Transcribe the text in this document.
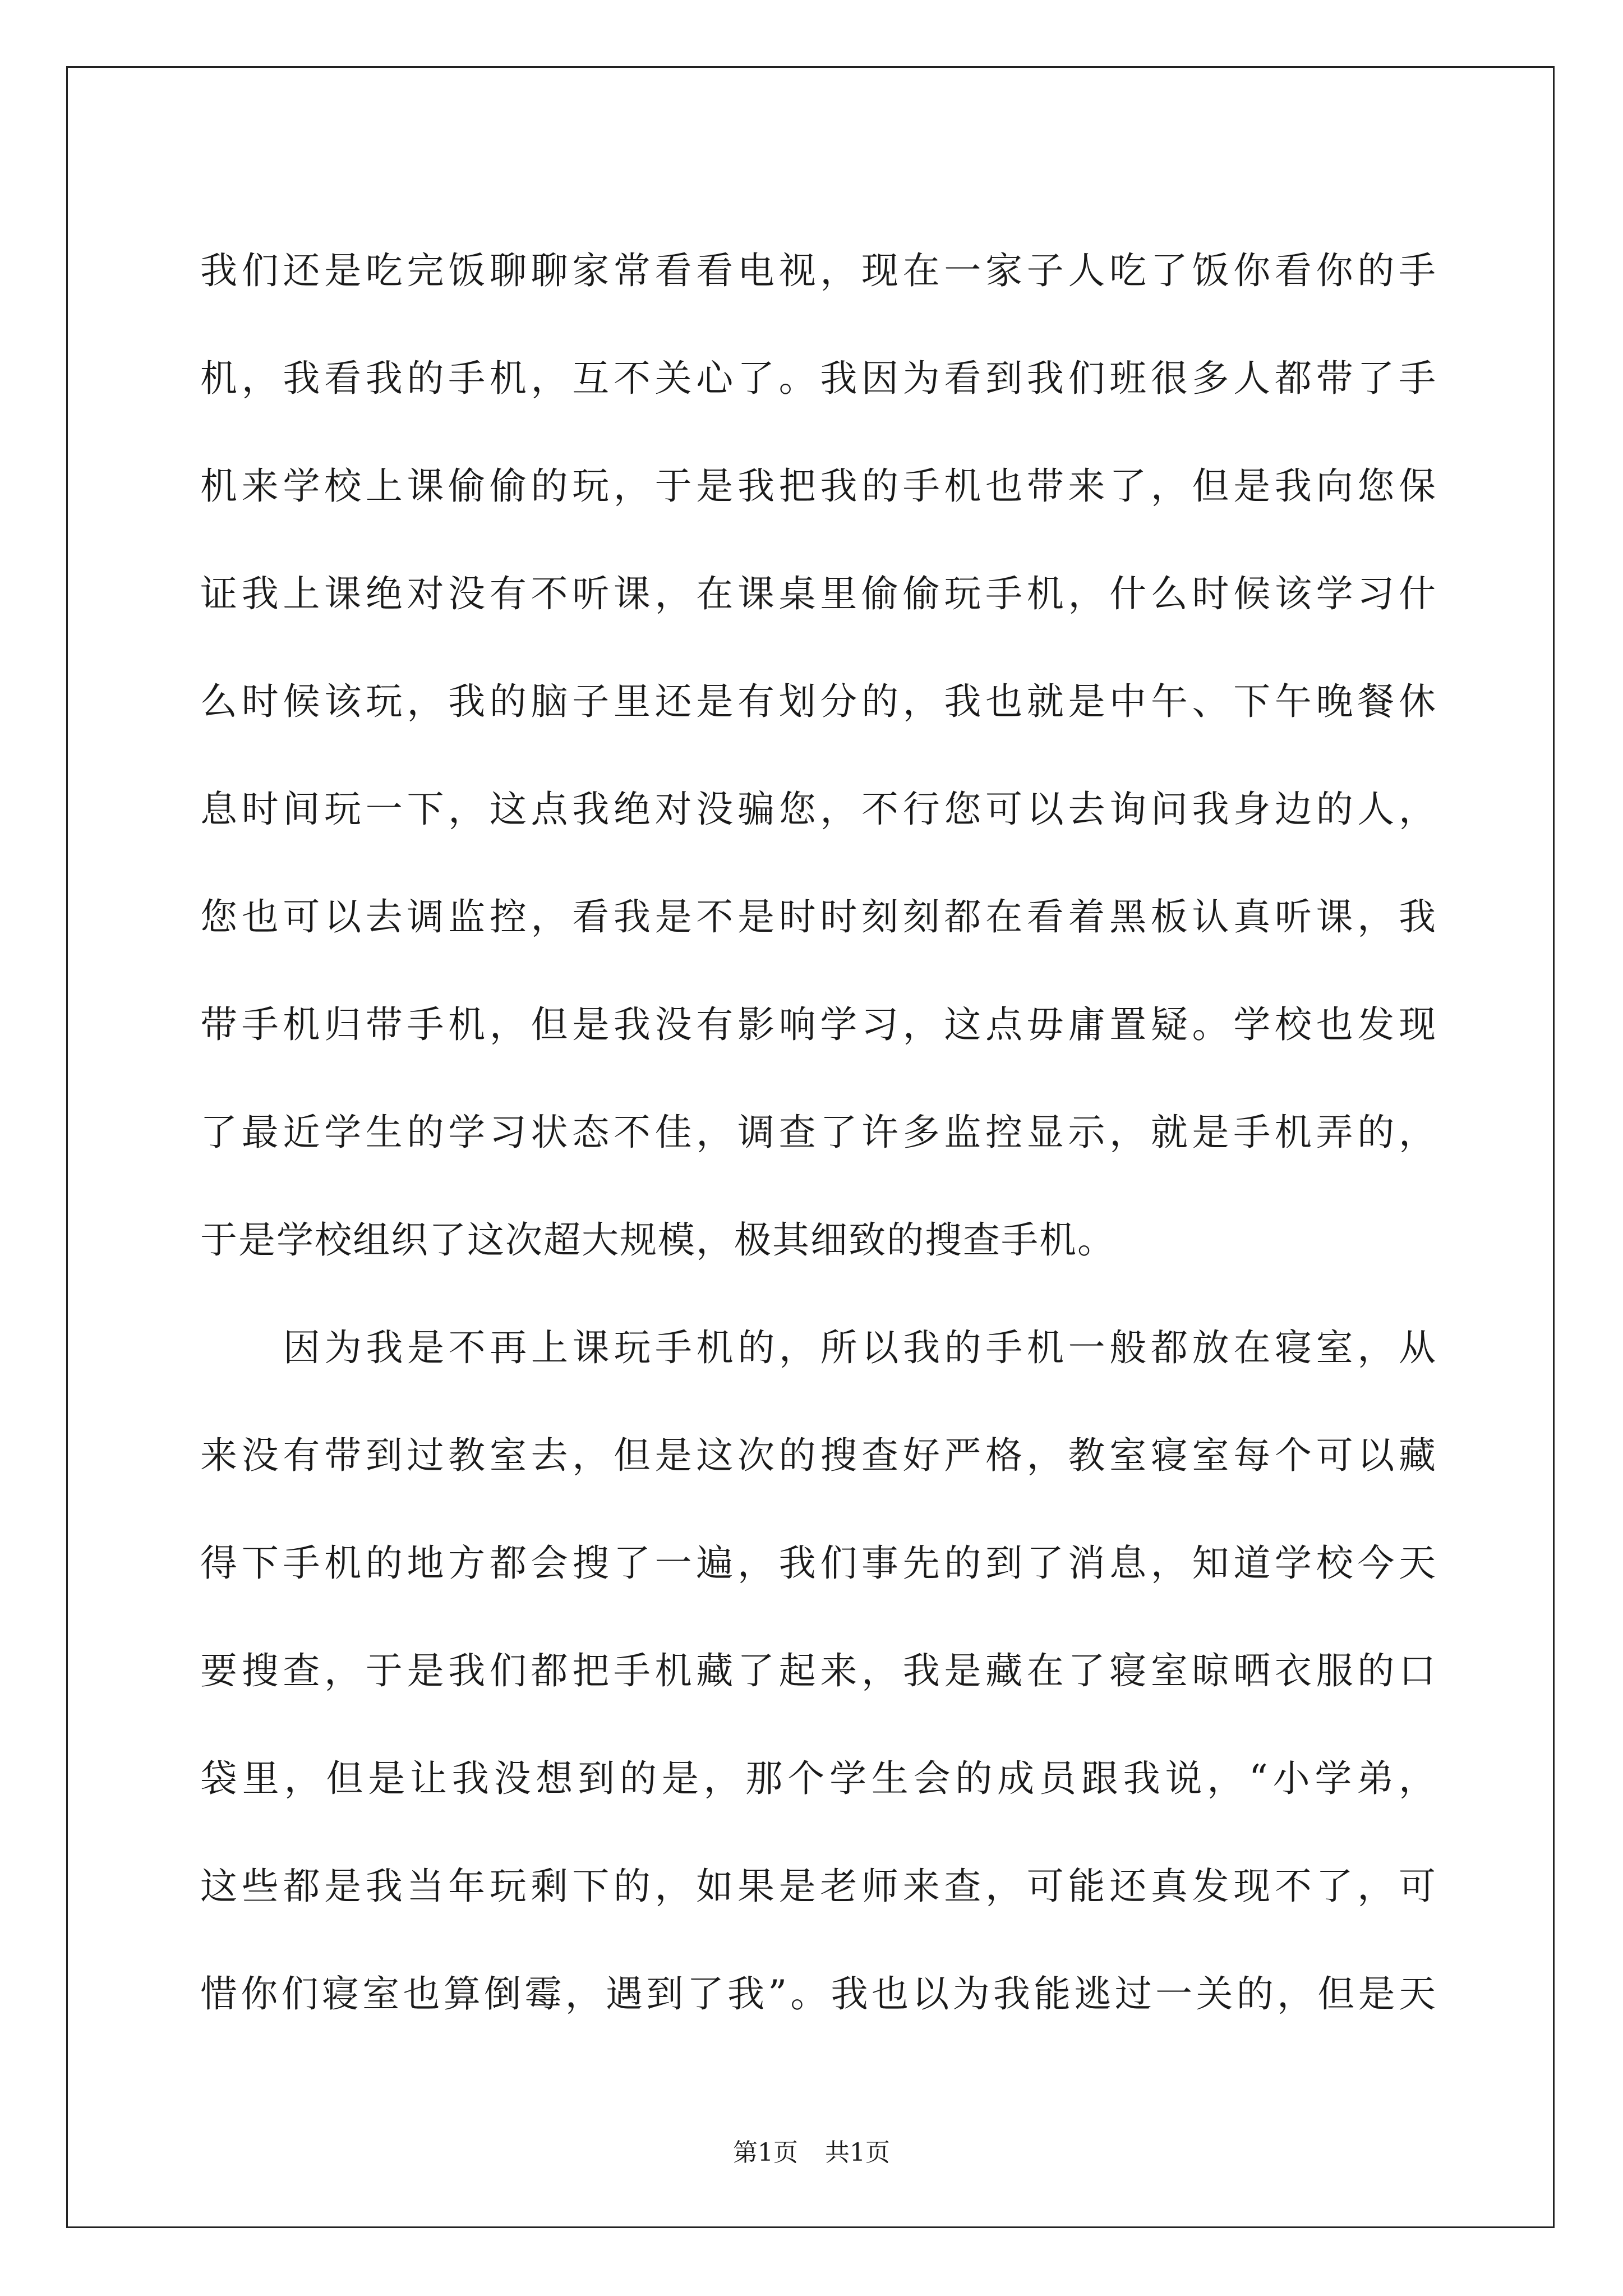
我们还是吃完饭聊聊家常看看电视，现在一家子人吃了饭你看你的手
机，我看我的手机，互不关心了。我因为看到我们班很多人都带了手
机来学校上课偷偷的玩，于是我把我的手机也带来了，但是我向您保
证我上课绝对没有不听课，在课桌里偷偷玩手机，什么时候该学习什
么时候该玩，我的脑子里还是有划分的，我也就是中午、下午晚餐休
息时间玩一下，这点我绝对没骗您，不行您可以去询问我身边的人，
您也可以去调监控，看我是不是时时刻刻都在看着黑板认真听课，我
带手机归带手机，但是我没有影响学习，这点毋庸置疑。学校也发现
了最近学生的学习状态不佳，调查了许多监控显示，就是手机弄的，
于是学校组织了这次超大规模，极其细致的搜查手机。
因为我是不再上课玩手机的，所以我的手机一般都放在寝室，从
来没有带到过教室去，但是这次的搜查好严格，教室寝室每个可以藏
得下手机的地方都会搜了一遍，我们事先的到了消息，知道学校今天
要搜查，于是我们都把手机藏了起来，我是藏在了寝室晾晒衣服的口
袋里，但是让我没想到的是，那个学生会的成员跟我说，“小学弟，
这些都是我当年玩剩下的，如果是老师来查，可能还真发现不了，可
惜你们寝室也算倒霉，遇到了我”。我也以为我能逃过一关的，但是天
第1页 共1页
